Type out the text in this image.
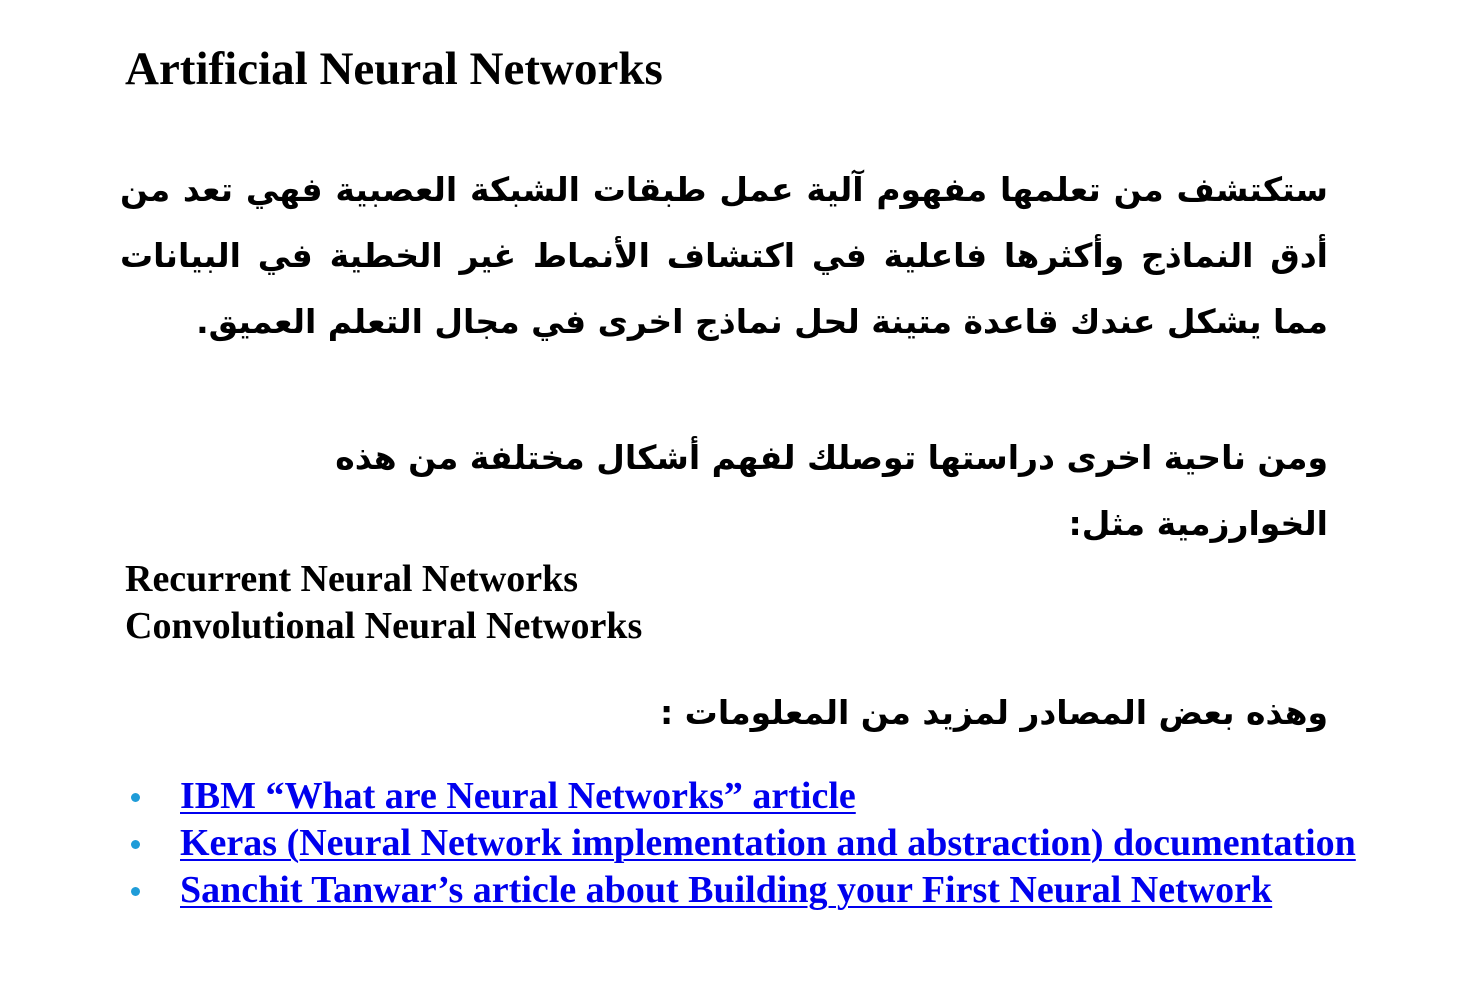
Artificial Neural Networks
ستكتشف من تعلمها مفهوم آلية عمل طبقات الشبكة العصبية فهي تعد من أدق النماذج وأكثرها فاعلية في اكتشاف الأنماط غير الخطية في البيانات مما يشكل عندك قاعدة متينة لحل نماذج اخرى في مجال التعلم العميق.
ومن ناحية اخرى دراستها توصلك لفهم أشكال مختلفة من هذه
الخوارزمية مثل:
Recurrent Neural Networks
Convolutional Neural Networks
وهذه بعض المصادر لمزيد من المعلومات :
IBM “What are Neural Networks” article
Keras (Neural Network implementation and abstraction) documentation
Sanchit Tanwar’s article about Building your First Neural Network
